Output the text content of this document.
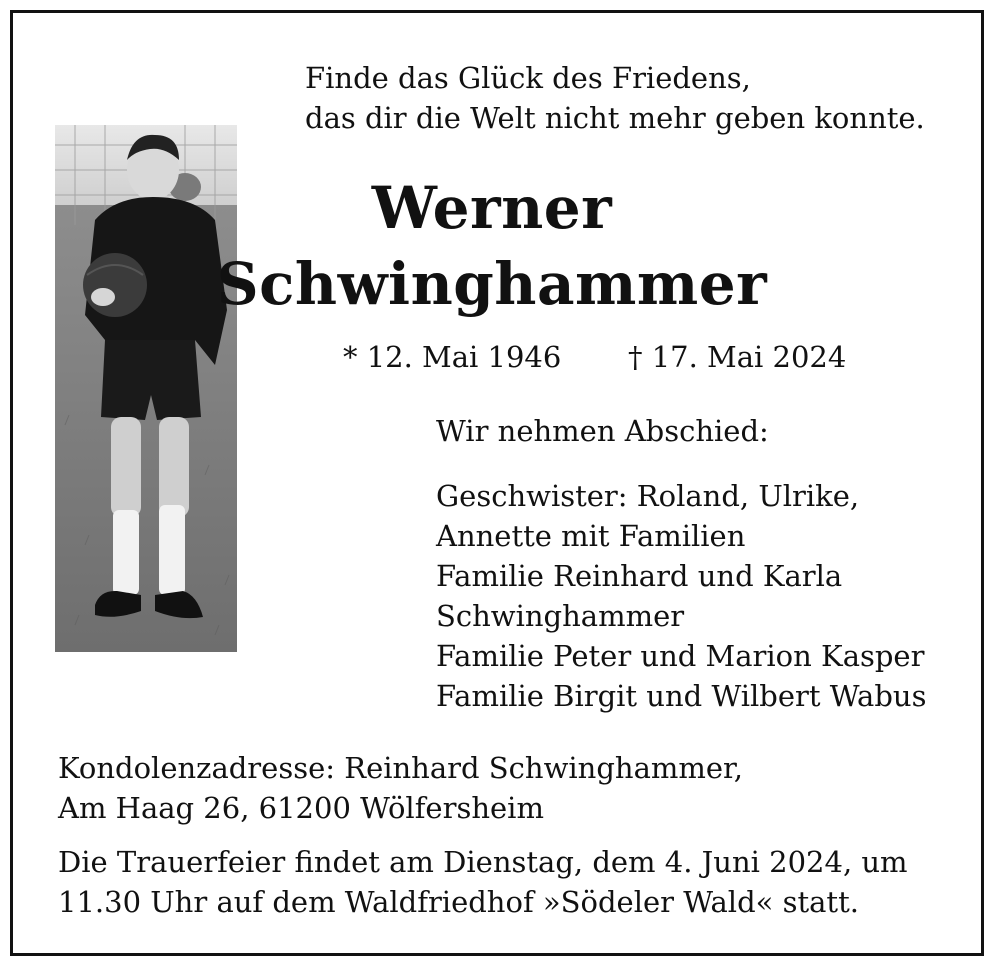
Finde das Glück des Friedens,
das dir die Welt nicht mehr geben konnte.
Werner
Schwinghammer
* 12. Mai 1946 † 17. Mai 2024
Wir nehmen Abschied:
Geschwister: Roland, Ulrike,
Annette mit Familien
Familie Reinhard und Karla
Schwinghammer
Familie Peter und Marion Kasper
Familie Birgit und Wilbert Wabus
Kondolenzadresse: Reinhard Schwinghammer,
Am Haag 26, 61200 Wölfersheim
Die Trauerfeier findet am Dienstag, dem 4. Juni 2024, um
11.30 Uhr auf dem Waldfriedhof »Södeler Wald« statt.
